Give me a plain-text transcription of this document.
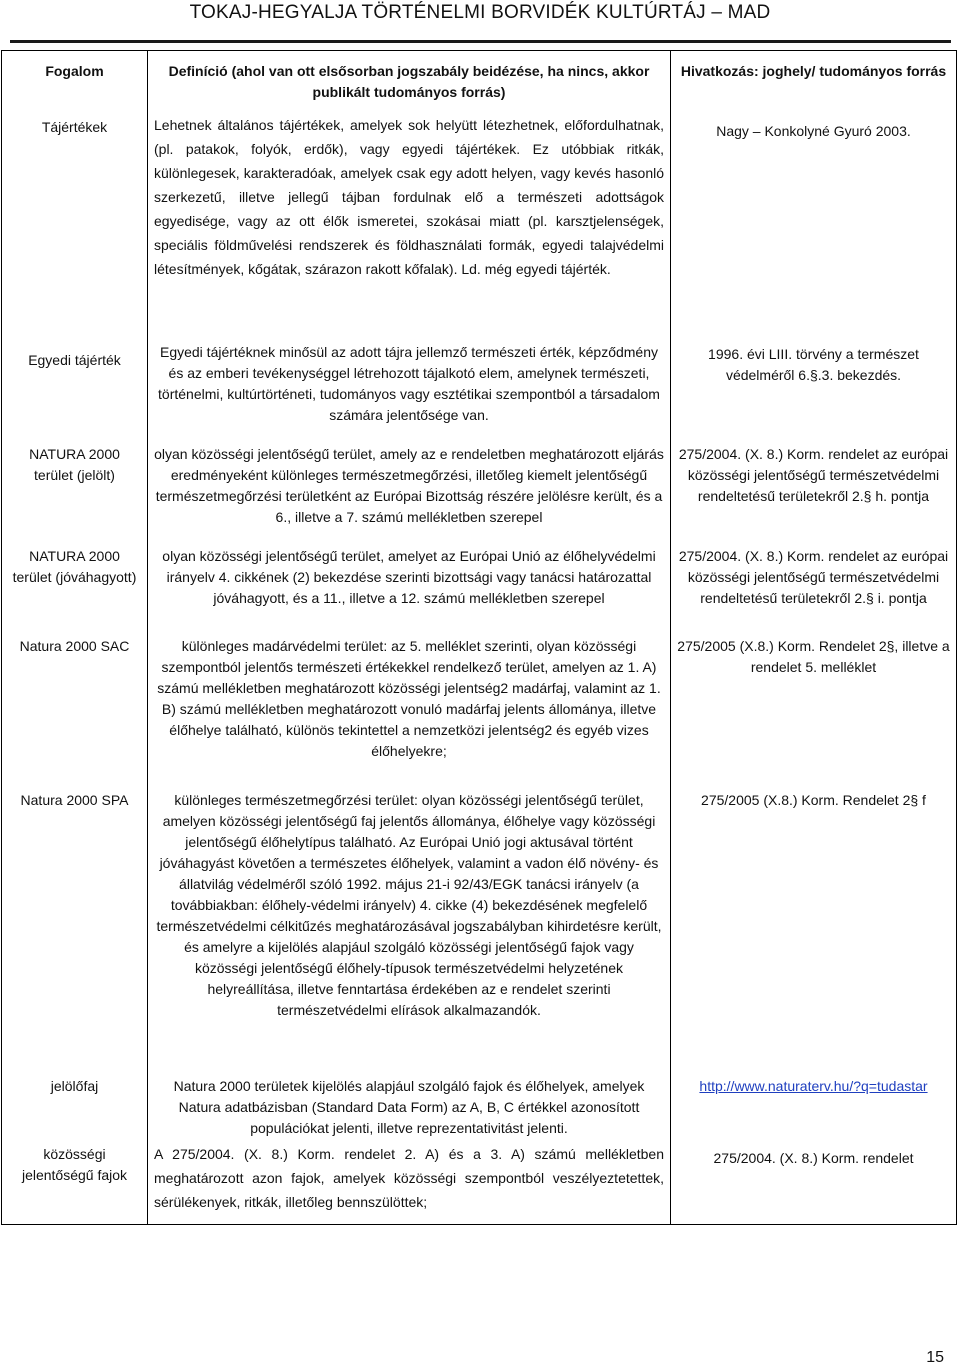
TOKAJ-HEGYALJA TÖRTÉNELMI BORVIDÉK KULTÚRTÁJ – MAD
Fogalom	Definíció (ahol van ott elsősorban jogszabály beidézése, ha nincs, akkor publikált tudományos forrás)	Hivatkozás: joghely/ tudományos forrás
Tájértékek	Lehetnek általános tájértékek, amelyek sok helyütt létezhetnek, előfordulhatnak, (pl. patakok, folyók, erdők), vagy egyedi tájértékek. Ez utóbbiak ritkák, különlegesek, karakteradóak, amelyek csak egy adott helyen, vagy kevés hasonló szerkezetű, illetve jellegű tájban fordulnak elő a természeti adottságok egyedisége, vagy az ott élők ismeretei, szokásai miatt (pl. karsztjelenségek, speciális földművelési rendszerek és földhasználati formák, egyedi talajvédelmi létesítmények, kőgátak, szárazon rakott kőfalak). Ld. még egyedi tájérték.	Nagy – Konkolyné Gyuró 2003.
Egyedi tájérték	Egyedi tájértéknek minősül az adott tájra jellemző természeti érték, képződmény és az emberi tevékenységgel létrehozott tájalkotó elem, amelynek természeti, történelmi, kultúrtörténeti, tudományos vagy esztétikai szempontból a társadalom számára jelentősége van.	1996. évi LIII. törvény a természet védelméről 6.§.3. bekezdés.
NATURA 2000 terület (jelölt)	olyan közösségi jelentőségű terület, amely az e rendeletben meghatározott eljárás eredményeként különleges természetmegőrzési, illetőleg kiemelt jelentőségű természetmegőrzési területként az Európai Bizottság részére jelölésre került, és a 6., illetve a 7. számú mellékletben szerepel	275/2004. (X. 8.) Korm. rendelet az európai közösségi jelentőségű természetvédelmi rendeltetésű területekről 2.§ h. pontja
NATURA 2000 terület (jóváhagyott)	olyan közösségi jelentőségű terület, amelyet az Európai Unió az élőhelyvédelmi irányelv 4. cikkének (2) bekezdése szerinti bizottsági vagy tanácsi határozattal jóváhagyott, és a 11., illetve a 12. számú mellékletben szerepel	275/2004. (X. 8.) Korm. rendelet az európai közösségi jelentőségű természetvédelmi rendeltetésű területekről 2.§ i. pontja
Natura 2000 SAC	különleges madárvédelmi terület: az 5. melléklet szerinti, olyan közösségi szempontból jelentős természeti értékekkel rendelkező terület, amelyen az 1. A) számú mellékletben meghatározott közösségi jelentség2 madárfaj, valamint az 1. B) számú mellékletben meghatározott vonuló madárfaj jelents állománya, illetve élőhelye található, különös tekintettel a nemzetközi jelentség2 és egyéb vizes élőhelyekre;	275/2005 (X.8.) Korm. Rendelet 2§, illetve a rendelet 5. melléklet
Natura 2000 SPA	különleges természetmegőrzési terület: olyan közösségi jelentőségű terület, amelyen közösségi jelentőségű faj jelentős állománya, élőhelye vagy közösségi jelentőségű élőhelytípus található. Az Európai Unió jogi aktusával történt jóváhagyást követően a természetes élőhelyek, valamint a vadon élő növény- és állatvilág védelméről szóló 1992. május 21-i 92/43/EGK tanácsi irányelv (a továbbiakban: élőhely-védelmi irányelv) 4. cikke (4) bekezdésének megfelelő természetvédelmi célkitűzés meghatározásával jogszabályban kihirdetésre került, és amelyre a kijelölés alapjául szolgáló közösségi jelentőségű fajok vagy közösségi jelentőségű élőhely-típusok természetvédelmi helyzetének helyreállítása, illetve fenntartása érdekében az e rendelet szerinti természetvédelmi elírások alkalmazandók.	275/2005 (X.8.) Korm. Rendelet 2§ f
jelölőfaj	Natura 2000 területek kijelölés alapjául szolgáló fajok és élőhelyek, amelyek Natura adatbázisban (Standard Data Form) az A, B, C értékkel azonosított populációkat jelenti, illetve reprezentativitást jelenti.	http://www.naturaterv.hu/?q=tudastar
közösségi jelentőségű fajok	A 275/2004. (X. 8.) Korm. rendelet 2. A) és a 3. A) számú mellékletben meghatározott azon fajok, amelyek közösségi szempontból veszélyeztetettek, sérülékenyek, ritkák, illetőleg bennszülöttek;	275/2004. (X. 8.) Korm. rendelet
15
